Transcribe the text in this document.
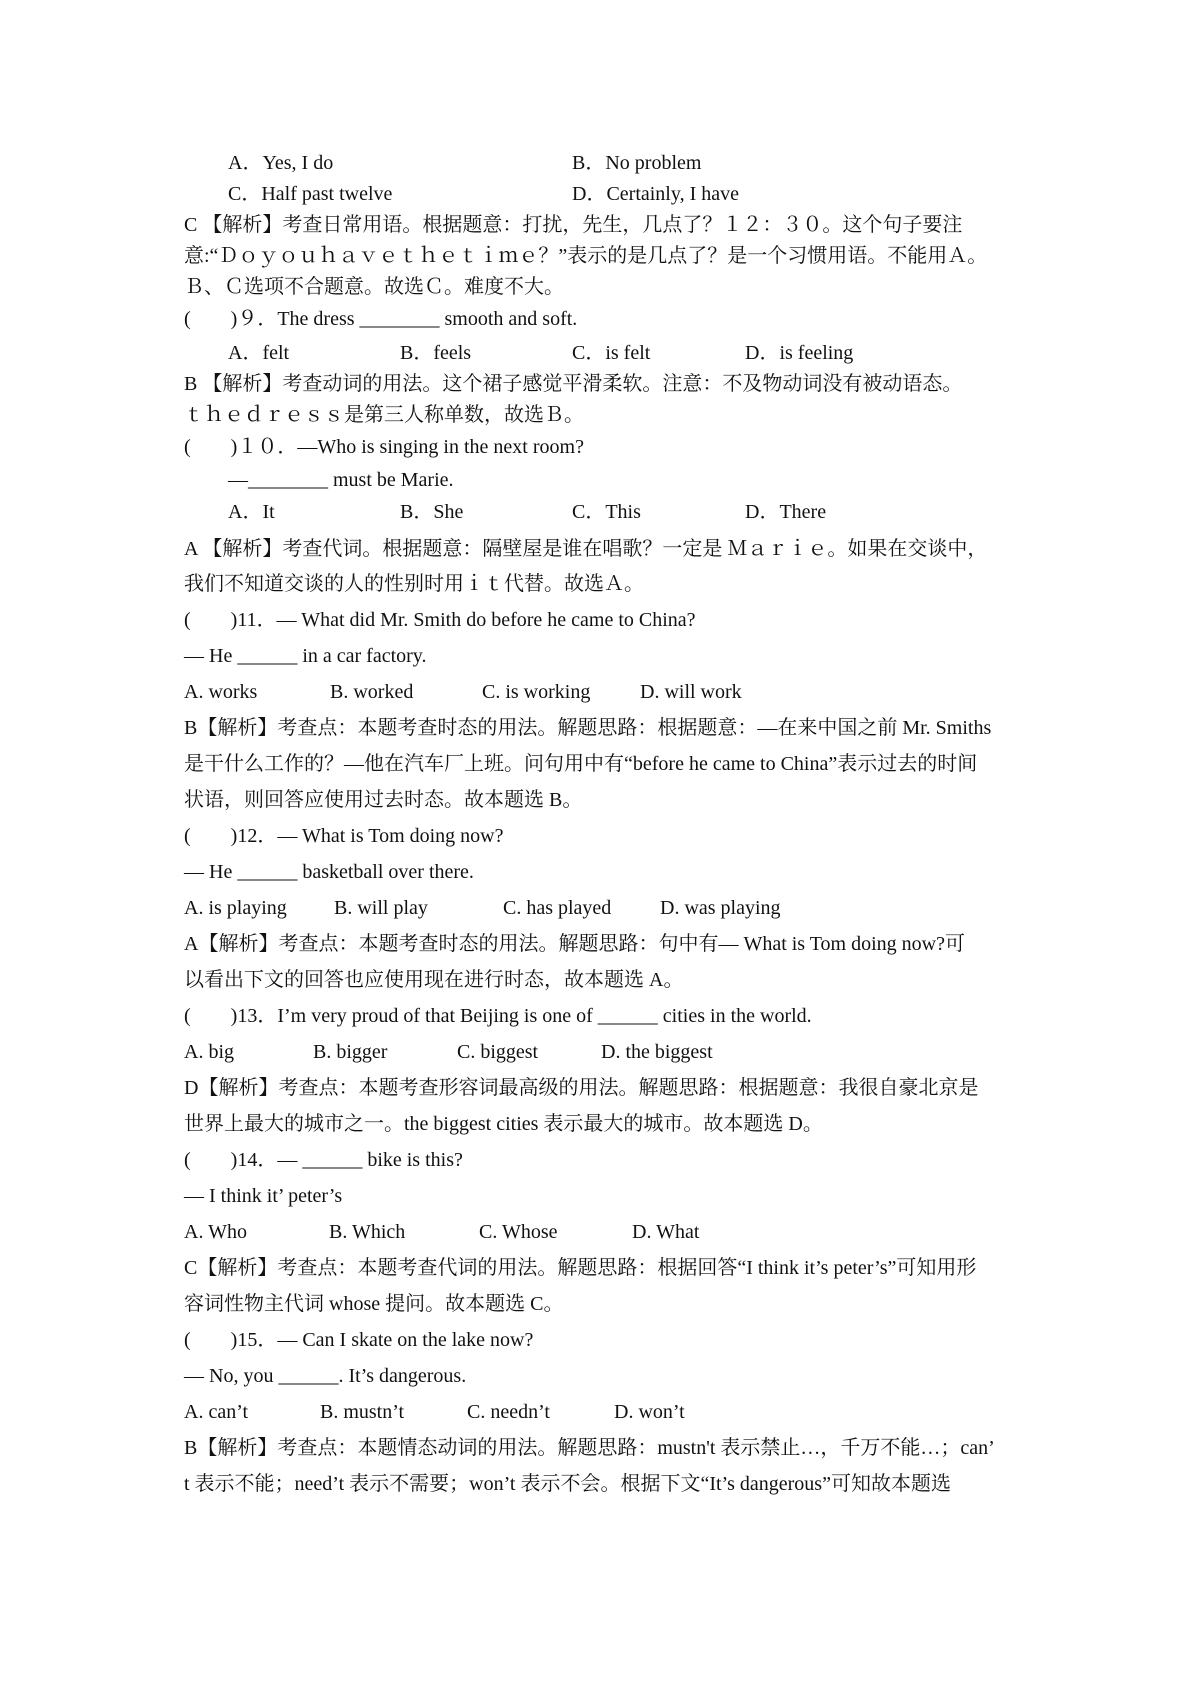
A．Yes, I do	B．No problem
C．Half past twelve	D．Certainly, I have
C 【解析】考查日常用语。根据题意：打扰，先生，几点了？１２：３０。这个句子要注
意:“Ｄｏｙｏｕｈａｖｅｔｈｅｔｉｍｅ？”表示的是几点了？是一个习惯用语。不能用Ａ。
Ｂ、Ｃ选项不合题意。故选Ｃ。难度不大。
(　　)９．The dress ________ smooth and soft.
A．felt	B．feels	C．is felt	D．is feeling
B 【解析】考查动词的用法。这个裙子感觉平滑柔软。注意：不及物动词没有被动语态。
ｔｈｅｄｒｅｓｓ是第三人称单数，故选Ｂ。
(　　)１０．—Who is singing in the next room?
—________ must be Marie.
A．It	B．She	C．This	D．There
A 【解析】考查代词。根据题意：隔壁屋是谁在唱歌？一定是 Ｍａｒｉｅ。如果在交谈中，
我们不知道交谈的人的性别时用ｉｔ代替。故选Ａ。
(　　)11．— What did Mr. Smith do before he came to China?
— He ______ in a car factory.
A. works	B. worked	C. is working D. will work
B【解析】考查点：本题考查时态的用法。解题思路：根据题意：—在来中国之前 Mr. Smiths
是干什么工作的？—他在汽车厂上班。问句用中有“before he came to China”表示过去的时间
状语，则回答应使用过去时态。故本题选 B。
(　　)12．— What is Tom doing now?
— He ______ basketball over there.
A. is playing B. will play	C. has played D. was playing
A【解析】考查点：本题考查时态的用法。解题思路：句中有— What is Tom doing now?可
以看出下文的回答也应使用现在进行时态，故本题选 A。
(　　)13．I’m very proud of that Beijing is one of ______ cities in the world.
A. big	B. bigger	C. biggest	D. the biggest
D【解析】考查点：本题考查形容词最高级的用法。解题思路：根据题意：我很自豪北京是
世界上最大的城市之一。the biggest cities 表示最大的城市。故本题选 D。
(　　)14．— ______ bike is this?
— I think it’ peter’s
A. Who	B. Which	C. Whose	D. What
C【解析】考查点：本题考查代词的用法。解题思路：根据回答“I think it’s peter’s”可知用形
容词性物主代词 whose 提问。故本题选 C。
(　　)15．— Can I skate on the lake now?
— No, you ______. It’s dangerous.
A. can’t	B. mustn’t	C. needn’t	D. won’t
B【解析】考查点：本题情态动词的用法。解题思路：mustn't 表示禁止…，千万不能…；can’
t 表示不能；need’t 表示不需要；won’t 表示不会。根据下文“It’s dangerous”可知故本题选
